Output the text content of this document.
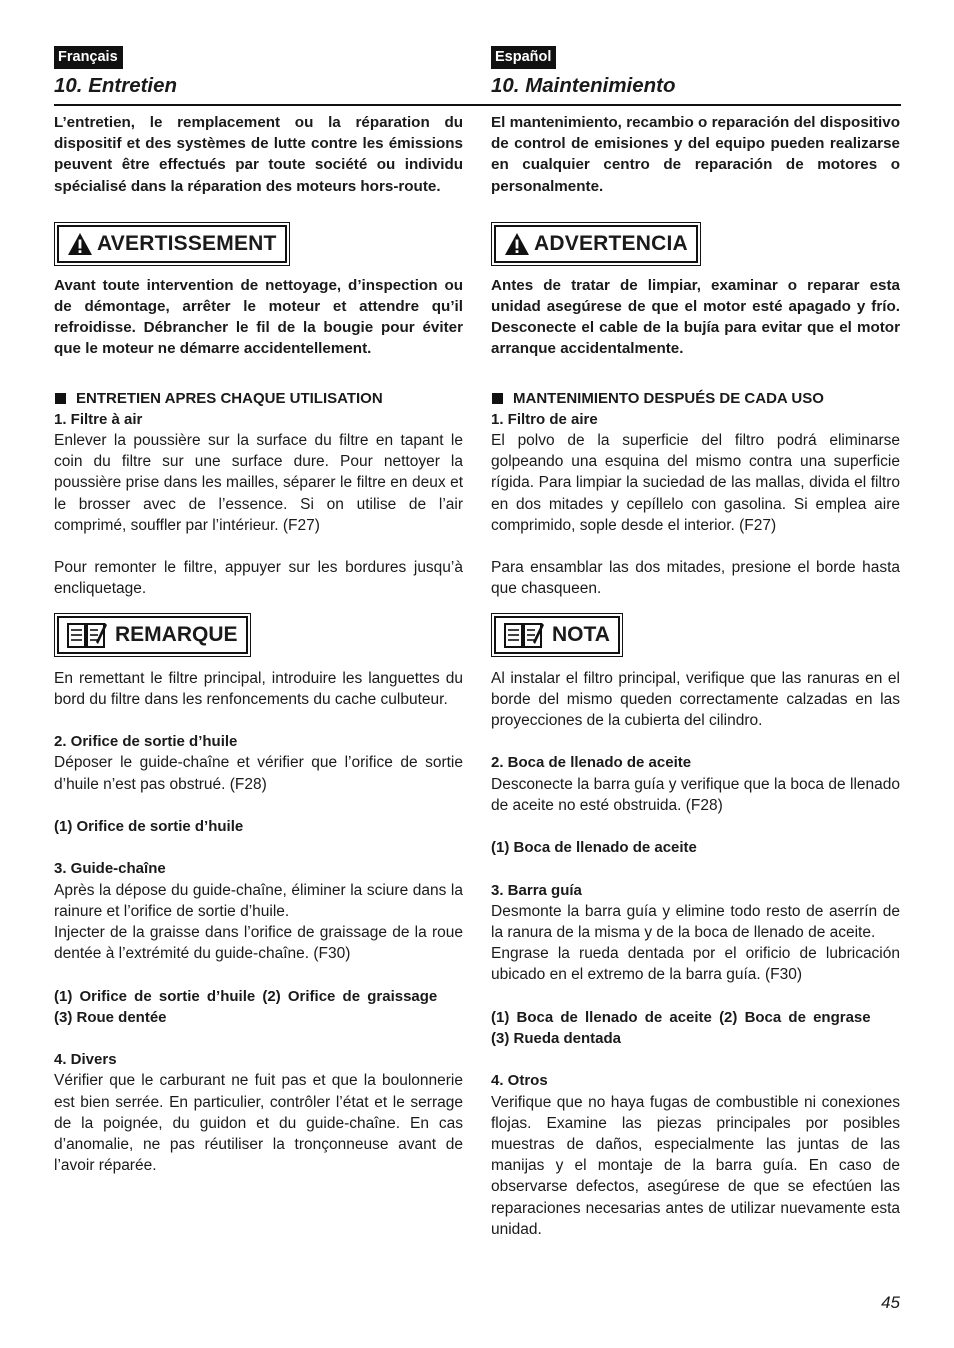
Français
10. Entretien

L’entretien, le remplacement ou la réparation du dispositif et des systèmes de lutte contre les émissions peuvent être effectués par toute société ou individu spécialisé dans la réparation des moteurs hors-route.

AVERTISSEMENT

Avant toute intervention de nettoyage, d’inspection ou de démontage, arrêter le moteur et attendre qu’il refroidisse. Débrancher le fil de la bougie pour éviter que le moteur ne démarre accidentellement.

ENTRETIEN APRES CHAQUE UTILISATION
1. Filtre à air

Enlever la poussière sur la surface du filtre en tapant le coin du filtre sur une surface dure. Pour nettoyer la poussière prise dans les mailles, séparer le filtre en deux et le brosser avec de l’essence. Si on utilise de l’air comprimé, souffler par l’intérieur. (F27)

Pour remonter le filtre, appuyer sur les bordures jusqu’à encliquetage.

REMARQUE

En remettant le filtre principal, introduire les languettes du bord du filtre dans les renfoncements du cache culbuteur.

2. Orifice de sortie d’huile

Déposer le guide-chaîne et vérifier que l’orifice de sortie d’huile n’est pas obstrué. (F28)

(1) Orifice de sortie d’huile
3. Guide-chaîne

Après la dépose du guide-chaîne, éliminer la sciure dans la rainure et l’orifice de sortie d’huile.

Injecter de la graisse dans l’orifice de graissage de la roue dentée à l’extrémité du guide-chaîne. (F30)

(1) Orifice de sortie d’huile (2) Orifice de graissage
(3) Roue dentée
4. Divers

Vérifier que le carburant ne fuit pas et que la boulonnerie est bien serrée. En particulier, contrôler l’état et le serrage de la poignée, du guidon et du guide-chaîne. En cas d’anomalie, ne pas réutiliser la tronçonneuse avant de l’avoir réparée.

Español
10. Maintenimiento

El mantenimiento, recambio o reparación del dispositivo de control de emisiones y del equipo pueden realizarse en cualquier centro de reparación de motores o personalmente.

ADVERTENCIA

Antes de tratar de limpiar, examinar o reparar esta unidad asegúrese de que el motor esté apagado y frío. Desconecte el cable de la bujía para evitar que el motor arranque accidentalmente.

MANTENIMIENTO DESPUÉS DE CADA USO
1. Filtro de aire

El polvo de la superficie del filtro podrá eliminarse golpeando una esquina del mismo contra una superficie rígida. Para limpiar la suciedad de las mallas, divida el filtro en dos mitades y cepíllelo con gasolina. Si emplea aire comprimido, sople desde el interior. (F27)

Para ensamblar las dos mitades, presione el borde hasta que chasqueen.

NOTA

Al instalar el filtro principal, verifique que las ranuras en el borde del mismo queden correctamente calzadas en las proyecciones de la cubierta del cilindro.

2. Boca de llenado de aceite

Desconecte la barra guía y verifique que la boca de llenado de aceite no esté obstruida. (F28)

(1) Boca de llenado de aceite
3. Barra guía

Desmonte la barra guía y elimine todo resto de aserrín de la ranura de la misma y de la boca de llenado de aceite.

Engrase la rueda dentada por el orificio de lubricación ubicado en el extremo de la barra guía. (F30)

(1) Boca de llenado de aceite (2) Boca de engrase
(3) Rueda dentada
4. Otros

Verifique que no haya fugas de combustible ni conexiones flojas. Examine las piezas principales por posibles muestras de daños, especialmente las juntas de las manijas y el montaje de la barra guía. En caso de observarse defectos, asegúrese de que se efectúen las reparaciones necesarias antes de utilizar nuevamente esta unidad.

45
